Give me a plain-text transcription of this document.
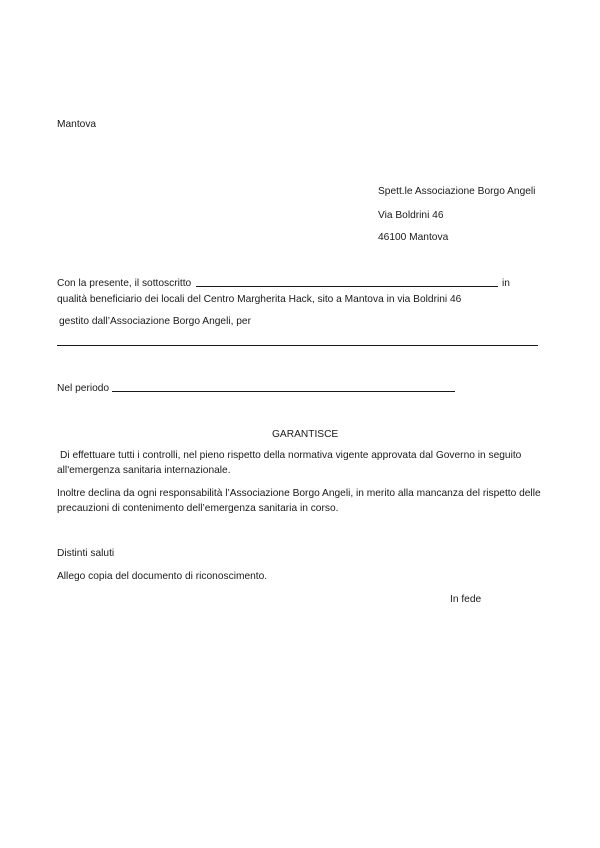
Mantova
Spett.le Associazione Borgo Angeli
Via Boldrini 46
46100 Mantova
Con la presente, il sottoscritto	in
qualità beneficiario dei locali del Centro Margherita Hack, sito a Mantova in via Boldrini 46
gestito dall’Associazione Borgo Angeli, per
Nel periodo
GARANTISCE
Di effettuare tutti i controlli, nel pieno rispetto della normativa vigente approvata dal Governo in seguito
all'emergenza sanitaria internazionale.
Inoltre declina da ogni responsabilità l’Associazione Borgo Angeli, in merito alla mancanza del rispetto delle
precauzioni di contenimento dell’emergenza sanitaria in corso.
Distinti saluti
Allego copia del documento di riconoscimento.
In fede
